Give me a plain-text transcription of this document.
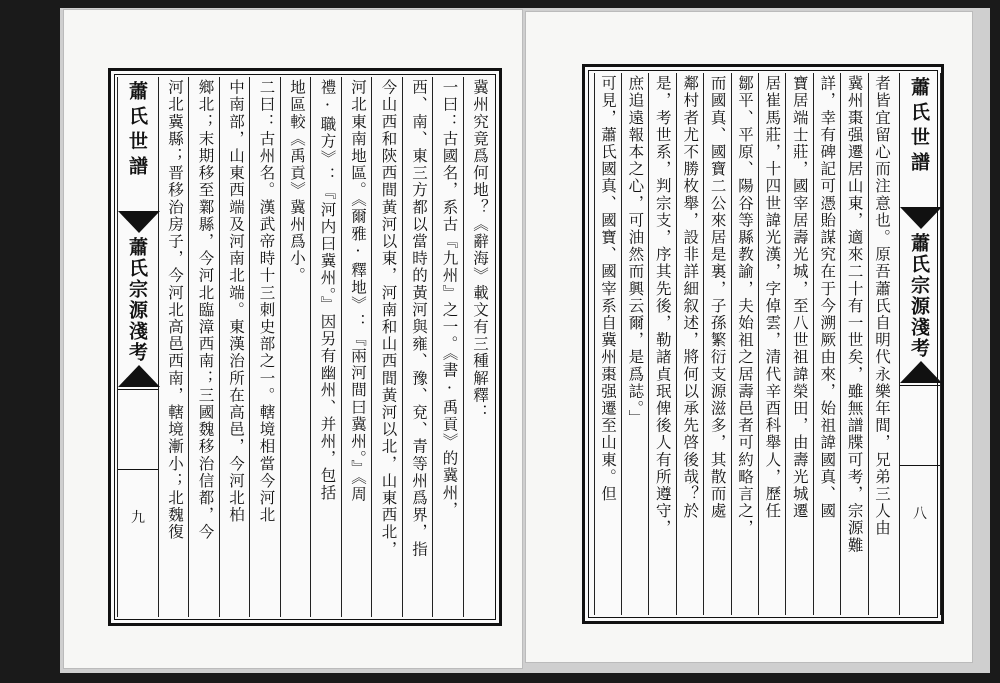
冀州究竟爲何地？《辭海》載文有三種解釋：
一曰：古國名，系古『九州』之一。《書·禹貢》的冀州，
西、南、東三方都以當時的黃河與雍、豫、兗、青等州爲界，指
今山西和陝西間黃河以東，河南和山西間黃河以北，山東西北，
河北東南地區。《爾雅·釋地》：『兩河間曰冀州。』《周
禮·職方》：『河内曰冀州。』因另有幽州、并州，包括
地區較《禹貢》冀州爲小。
二曰：古州名。漢武帝時十三刺史部之一。轄境相當今河北
中南部，山東西端及河南北端。東漢治所在高邑，今河北柏
鄉北；末期移至鄴縣，今河北臨漳西南；三國魏移治信都，今
河北冀縣；晋移治房子，今河北高邑西南，轄境漸小；北魏復
蕭氏世譜
蕭氏宗源淺考
九	者皆宜留心而注意也。原吾蕭氏自明代永樂年間，兄弟三人由
冀州棗强遷居山東，適來二十有一世矣，雖無譜牒可考，宗源難
詳，幸有碑記可憑貽謀究在于今溯厥由來，始祖諱國真、國
寶居端士莊，國宰居壽光城，至八世祖諱榮田，由壽光城遷
居崔馬莊，十四世諱光漢，字倬雲，清代辛酉科舉人，歷任
鄒平、平原、陽谷等縣教諭，夫始祖之居壽邑者可約略言之，
而國真、國寶二公來居是裏，子孫繁衍支源滋多，其散而處
鄰村者尤不勝枚舉，設非詳細叙述，將何以承先啓後哉？於
是，考世系，判宗支，序其先後，勒諸貞珉俾後人有所遵守，
庶追遠報本之心，可油然而興云爾，是爲誌。」
可見，蕭氏國真、國寶、國宰系自冀州棗强遷至山東。但	蕭氏世譜
蕭氏宗源淺考
八
